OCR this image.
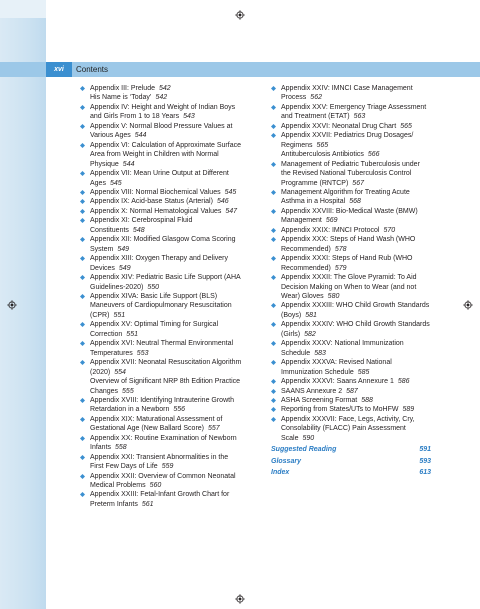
xvi	Contents
Appendix III: Prelude 542
His Name is ‘Today’ 542
Appendix IV: Height and Weight of Indian Boys
and Girls From 1 to 18 Years 543
Appendix V: Normal Blood Pressure Values at
Various Ages 544
Appendix VI: Calculation of Approximate Surface
Area from Weight in Children with Normal
Physique 544
Appendix VII: Mean Urine Output at Different
Ages 545
Appendix VIII: Normal Biochemical Values 545
Appendix IX: Acid-base Status (Arterial) 546
Appendix X: Normal Hematological Values 547
Appendix XI: Cerebrospinal Fluid
Constituents 548
Appendix XII: Modified Glasgow Coma Scoring
System 549
Appendix XIII: Oxygen Therapy and Delivery
Devices 549
Appendix XIV: Pediatric Basic Life Support (AHA
Guidelines-2020) 550
Appendix XIVA: Basic Life Support (BLS)
Maneuvers of Cardiopulmonary Resuscitation
(CPR) 551
Appendix XV: Optimal Timing for Surgical
Correction 551
Appendix XVI: Neutral Thermal Environmental
Temperatures 553
Appendix XVII: Neonatal Resuscitation Algorithm
(2020) 554
Overview of Significant NRP 8th Edition Practice
Changes 555
Appendix XVIII: Identifying Intrauterine Growth
Retardation in a Newborn 556
Appendix XIX: Maturational Assessment of
Gestational Age (New Ballard Score) 557
Appendix XX: Routine Examination of Newborn
Infants 558
Appendix XXI: Transient Abnormalities in the
First Few Days of Life 559
Appendix XXII: Overview of Common Neonatal
Medical Problems 560
Appendix XXIII: Fetal-Infant Growth Chart for
Preterm Infants 561
Appendix XXIV: IMNCI Case Management
Process 562
Appendix XXV: Emergency Triage Assessment
and Treatment (ETAT) 563
Appendix XXVI: Neonatal Drug Chart 565
Appendix XXVII: Pediatrics Drug Dosages/
Regimens 565
Antituberculosis Antibiotics 566
Management of Pediatric Tuberculosis under
the Revised National Tuberculosis Control
Programme (RNTCP) 567
Management Algorithm for Treating Acute
Asthma in a Hospital 568
Appendix XXVIII: Bio-Medical Waste (BMW)
Management 569
Appendix XXIX: IMNCI Protocol 570
Appendix XXX: Steps of Hand Wash (WHO
Recommended) 578
Appendix XXXI: Steps of Hand Rub (WHO
Recommended) 579
Appendix XXXII: The Glove Pyramid: To Aid
Decision Making on When to Wear (and not
Wear) Gloves 580
Appendix XXXIII: WHO Child Growth Standards
(Boys) 581
Appendix XXXIV: WHO Child Growth Standards
(Girls) 582
Appendix XXXV: National Immunization
Schedule 583
Appendix XXXVA: Revised National
Immunization Schedule 585
Appendix XXXVI: Saans Annexure 1 586
SAANS Annexure 2 587
ASHA Screening Format 588
Reporting from States/UTs to MoHFW 589
Appendix XXXVII: Face, Legs, Activity, Cry,
Consolability (FLACC) Pain Assessment
Scale 590
Suggested Reading	591
Glossary	593
Index	613
